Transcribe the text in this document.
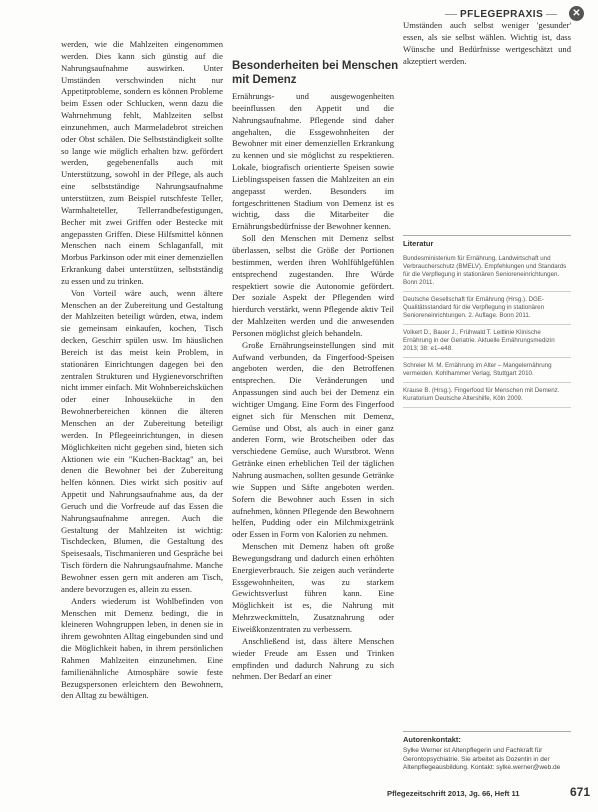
PFLEGEPRAXIS	✕

werden, wie die Mahlzeiten eingenommen werden. Dies kann sich günstig auf die Nahrungsaufnahme auswirken. Unter Umständen verschwinden nicht nur Appetitprobleme, sondern es können Probleme beim Essen oder Schlucken, wenn dazu die Wahrnehmung fehlt, Mahlzeiten selbst einzunehmen, auch Marmeladebrot streichen oder Obst schälen. Die Selbstständigkeit sollte so lange wie möglich erhalten bzw. gefördert werden, gegebenenfalls auch mit Unterstützung, sowohl in der Pflege, als auch eine selbstständige Nahrungsaufnahme unterstützen, zum Beispiel rutschfeste Teller, Warmhalteteller, Tellerrandbefestigungen, Becher mit zwei Griffen oder Bestecke mit angepassten Griffen. Diese Hilfsmittel können Menschen nach einem Schlaganfall, mit Morbus Parkinson oder mit einer demenziellen Erkrankung dabei unterstützen, selbstständig zu essen und zu trinken.

Von Vorteil wäre auch, wenn ältere Menschen an der Zubereitung und Gestaltung der Mahlzeiten beteiligt würden, etwa, indem sie gemeinsam einkaufen, kochen, Tisch decken, Geschirr spülen usw. Im häuslichen Bereich ist das meist kein Problem, in stationären Einrichtungen dagegen bei den zentralen Strukturen und Hygienevorschriften nicht immer einfach. Mit Wohnbereichsküchen oder einer Inhouseküche in den Bewohnerbereichen können die älteren Menschen an der Zubereitung beteiligt werden. In Pflegeeinrichtungen, in diesen Möglichkeiten nicht gegeben sind, bieten sich Aktionen wie ein "Kuchen-Backtag" an, bei denen die Bewohner bei der Zubereitung helfen können. Dies wirkt sich positiv auf Appetit und Nahrungsaufnahme aus, da der Geruch und die Vorfreude auf das Essen die Nahrungsaufnahme anregen. Auch die Gestaltung der Mahlzeiten ist wichtig: Tischdecken, Blumen, die Gestaltung des Speisesaals, Tischmanieren und Gespräche bei Tisch fördern die Nahrungsaufnahme. Manche Bewohner essen gern mit anderen am Tisch, andere bevorzugen es, allein zu essen.

Anders wiederum ist Wohlbefinden von Menschen mit Demenz bedingt, die in kleineren Wohngruppen leben, in denen sie in ihrem gewohnten Alltag eingebunden sind und die Möglichkeit haben, in ihrem persönlichen Rahmen Mahlzeiten einzunehmen. Eine familienähnliche Atmosphäre sowie feste Bezugspersonen erleichtern den Bewohnern, den Alltag zu bewältigen.

Besonderheiten bei Menschen mit Demenz

Ernährungs- und ausgewogenheiten beeinflussen den Appetit und die Nahrungsaufnahme. Pflegende sind daher angehalten, die Essgewohnheiten der Bewohner mit einer demenziellen Erkrankung zu kennen und sie möglichst zu respektieren. Lokale, biografisch orientierte Speisen sowie Lieblingsspeisen fassen die Mahlzeiten an ein angepasst werden. Besonders im fortgeschrittenen Stadium von Demenz ist es wichtig, dass die Mitarbeiter die Ernährungsbedürfnisse der Bewohner kennen.

Soll den Menschen mit Demenz selbst überlassen, selbst die Größe der Portionen bestimmen, werden ihren Wohlfühlgefühlen entsprechend zugestanden. Ihre Würde respektiert sowie die Autonomie gefördert. Der soziale Aspekt der Pflegenden wird hierdurch verstärkt, wenn Pflegende aktiv Teil der Mahlzeiten werden und die anwesenden Personen möglichst gleich behandeln.

Große Ernährungseinstellungen sind mit Aufwand verbunden, da Fingerfood-Speisen angeboten werden, die den Betroffenen entsprechen. Die Veränderungen und Anpassungen sind auch bei der Demenz ein wichtiger Umgang. Eine Form des Fingerfood eignet sich für Menschen mit Demenz, Gemüse und Obst, als auch in einer ganz anderen Form, wie Brotscheiben oder das verschiedene Gemüse, auch Wurstbrot. Wenn Getränke einen erheblichen Teil der täglichen Nahrung ausmachen, sollten gesunde Getränke wie Suppen und Säfte angeboten werden. Sofern die Bewohner auch Essen in sich aufnehmen, können Pflegende den Bewohnern helfen, Pudding oder ein Milchmixgetränk oder Essen in Form von Kalorien zu nehmen.

Menschen mit Demenz haben oft große Bewegungsdrang und dadurch einen erhöhten Energieverbrauch. Sie zeigen auch veränderte Essgewohnheiten, was zu starkem Gewichtsverlust führen kann. Eine Möglichkeit ist es, die Nahrung mit Mehrzweckmitteln, Zusatznahrung oder Eiweißkonzentraten zu verbessern.

Anschließend ist, dass ältere Menschen wieder Freude am Essen und Trinken empfinden und dadurch Nahrung zu sich nehmen. Der Bedarf an einer

Umständen auch selbst weniger 'gesunder' essen, als sie selbst wählen. Wichtig ist, dass Wünsche und Bedürfnisse wertgeschätzt und akzeptiert werden.

Literatur
Bundesministerium für Ernährung, Landwirtschaft und Verbraucherschutz (BMELV). Empfehlungen und Standards für die Verpflegung in stationären Senioreneinrichtungen. Bonn 2011.
Deutsche Gesellschaft für Ernährung (Hrsg.). DGE-Qualitätsstandard für die Verpflegung in stationären Senioreneinrichtungen. 2. Auflage. Bonn 2011.
Volkert D., Bauer J., Frühwald T. Leitlinie Klinische Ernährung in der Geriatrie. Aktuelle Ernährungsmedizin 2013; 38: e1–e48.
Schreier M. M. Ernährung im Alter – Mangelernährung vermeiden. Kohlhammer Verlag, Stuttgart 2010.
Krause B. (Hrsg.). Fingerfood für Menschen mit Demenz. Kuratorium Deutsche Altershilfe, Köln 2009.
Autorenkontakt:
Sylke Werner ist Altenpflegerin und Fachkraft für Gerontopsychiatrie. Sie arbeitet als Dozentin in der Altenpflegeausbildung. Kontakt: sylke.werner@web.de
Pflegezeitschrift 2013, Jg. 66, Heft 11	671
